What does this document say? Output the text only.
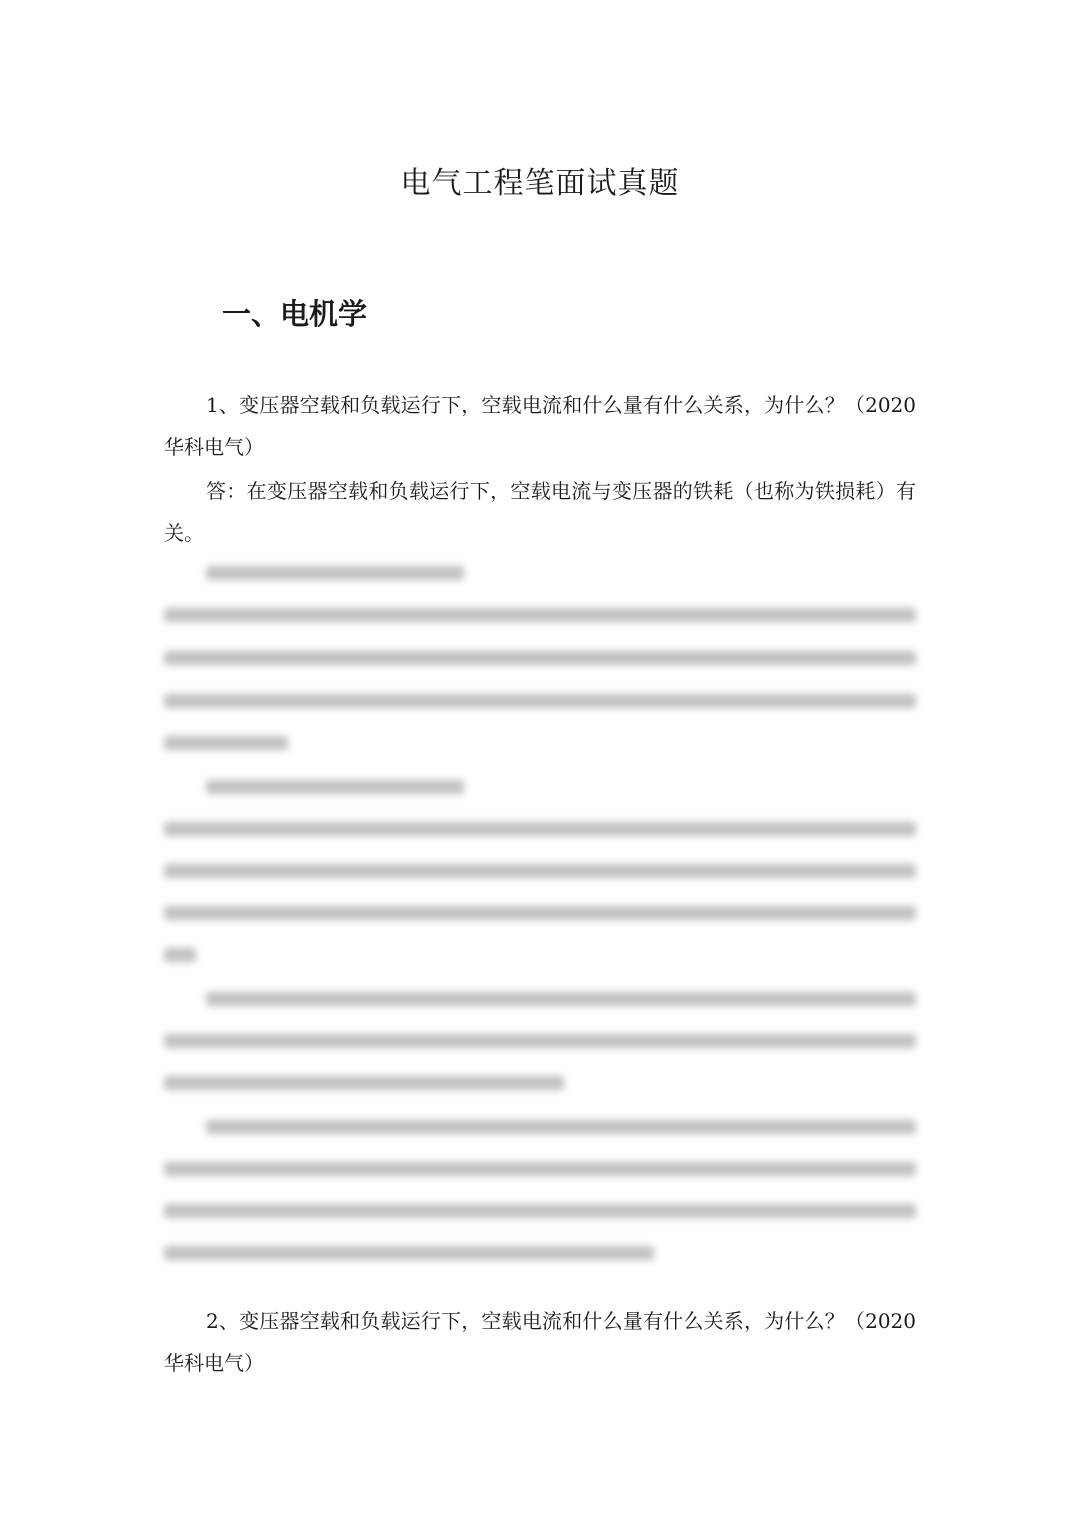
电气工程笔面试真题
一、电机学

1、变压器空载和负载运行下，空载电流和什么量有什么关系，为什么？（2020华科电气）

答：在变压器空载和负载运行下，空载电流与变压器的铁耗（也称为铁损耗）有关。

2、变压器空载和负载运行下，空载电流和什么量有什么关系，为什么？（2020华科电气）
